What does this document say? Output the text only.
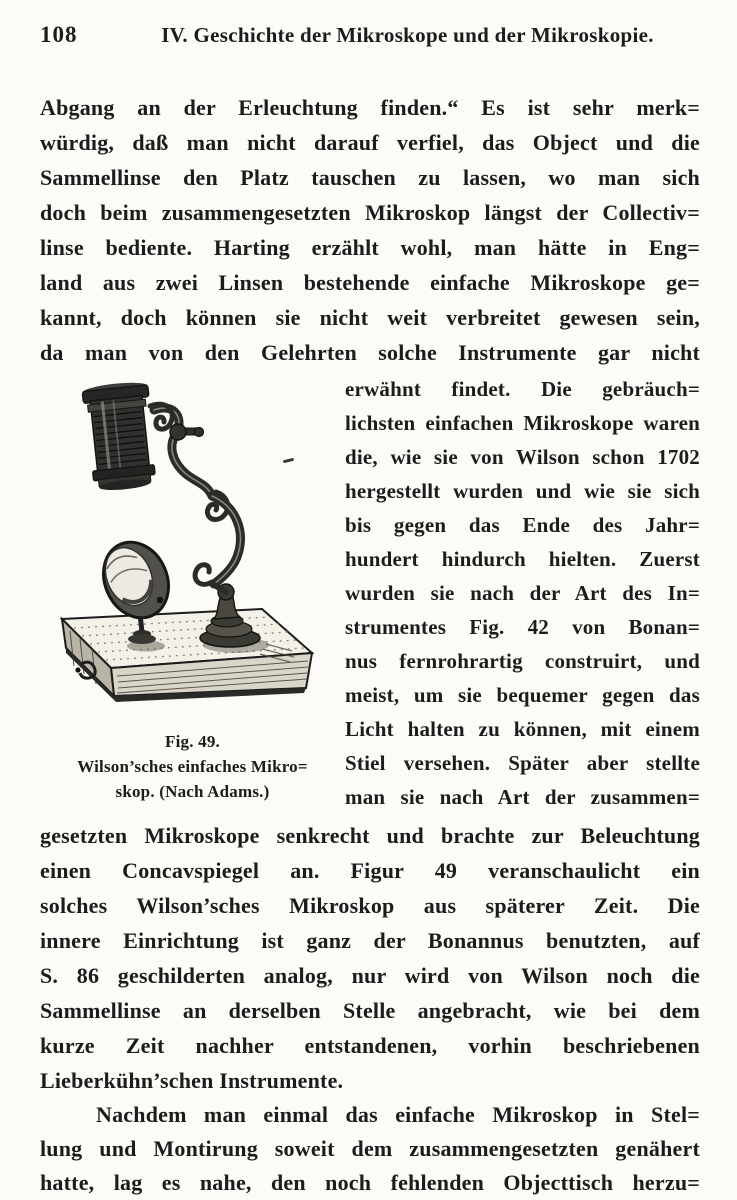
108	IV. Geschichte der Mikroskope und der Mikroskopie.
Abgang an der Erleuchtung finden.“ Es ist sehr merk=
würdig, daß man nicht darauf verfiel, das Object und die
Sammellinse den Platz tauschen zu lassen, wo man sich
doch beim zusammengesetzten Mikroskop längst der Collectiv=
linse bediente. Harting erzählt wohl, man hätte in Eng=
land aus zwei Linsen bestehende einfache Mikroskope ge=
kannt, doch können sie nicht weit verbreitet gewesen sein,
da man von den Gelehrten solche Instrumente gar nicht
Fig. 49.
Wilson’sches einfaches Mikro=
skop. (Nach Adams.)
erwähnt findet. Die gebräuch=
lichsten einfachen Mikroskope waren
die, wie sie von Wilson schon 1702
hergestellt wurden und wie sie sich
bis gegen das Ende des Jahr=
hundert hindurch hielten. Zuerst
wurden sie nach der Art des In=
strumentes Fig. 42 von Bonan=
nus fernrohrartig construirt, und
meist, um sie bequemer gegen das
Licht halten zu können, mit einem
Stiel versehen. Später aber stellte
man sie nach Art der zusammen=
gesetzten Mikroskope senkrecht und brachte zur Beleuchtung
einen Concavspiegel an. Figur 49 veranschaulicht ein
solches Wilson’sches Mikroskop aus späterer Zeit. Die
innere Einrichtung ist ganz der Bonannus benutzten, auf
S. 86 geschilderten analog, nur wird von Wilson noch die
Sammellinse an derselben Stelle angebracht, wie bei dem
kurze Zeit nachher entstandenen, vorhin beschriebenen
Lieberkühn’schen Instrumente.
Nachdem man einmal das einfache Mikroskop in Stel=
lung und Montirung soweit dem zusammengesetzten genähert
hatte, lag es nahe, den noch fehlenden Objecttisch herzu=
